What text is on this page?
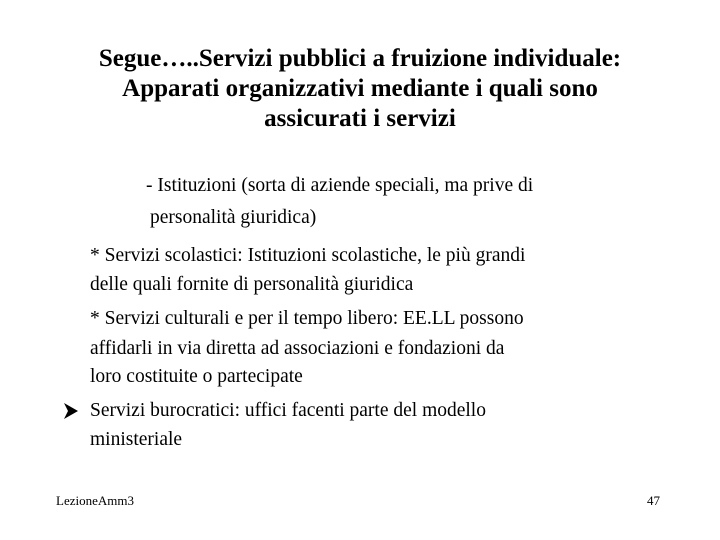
Segue…..Servizi pubblici a fruizione individuale:
Apparati organizzativi mediante i quali sono
assicurati i servizi
- Istituzioni (sorta di aziende speciali, ma prive di
personalità giuridica)
* Servizi scolastici: Istituzioni scolastiche, le più grandi
delle quali fornite di personalità giuridica
* Servizi culturali e per il tempo libero: EE.LL possono
affidarli in via diretta ad associazioni e fondazioni da
loro costituite o partecipate
Servizi burocratici: uffici facenti parte del modello
ministeriale
LezioneAmm3	47
